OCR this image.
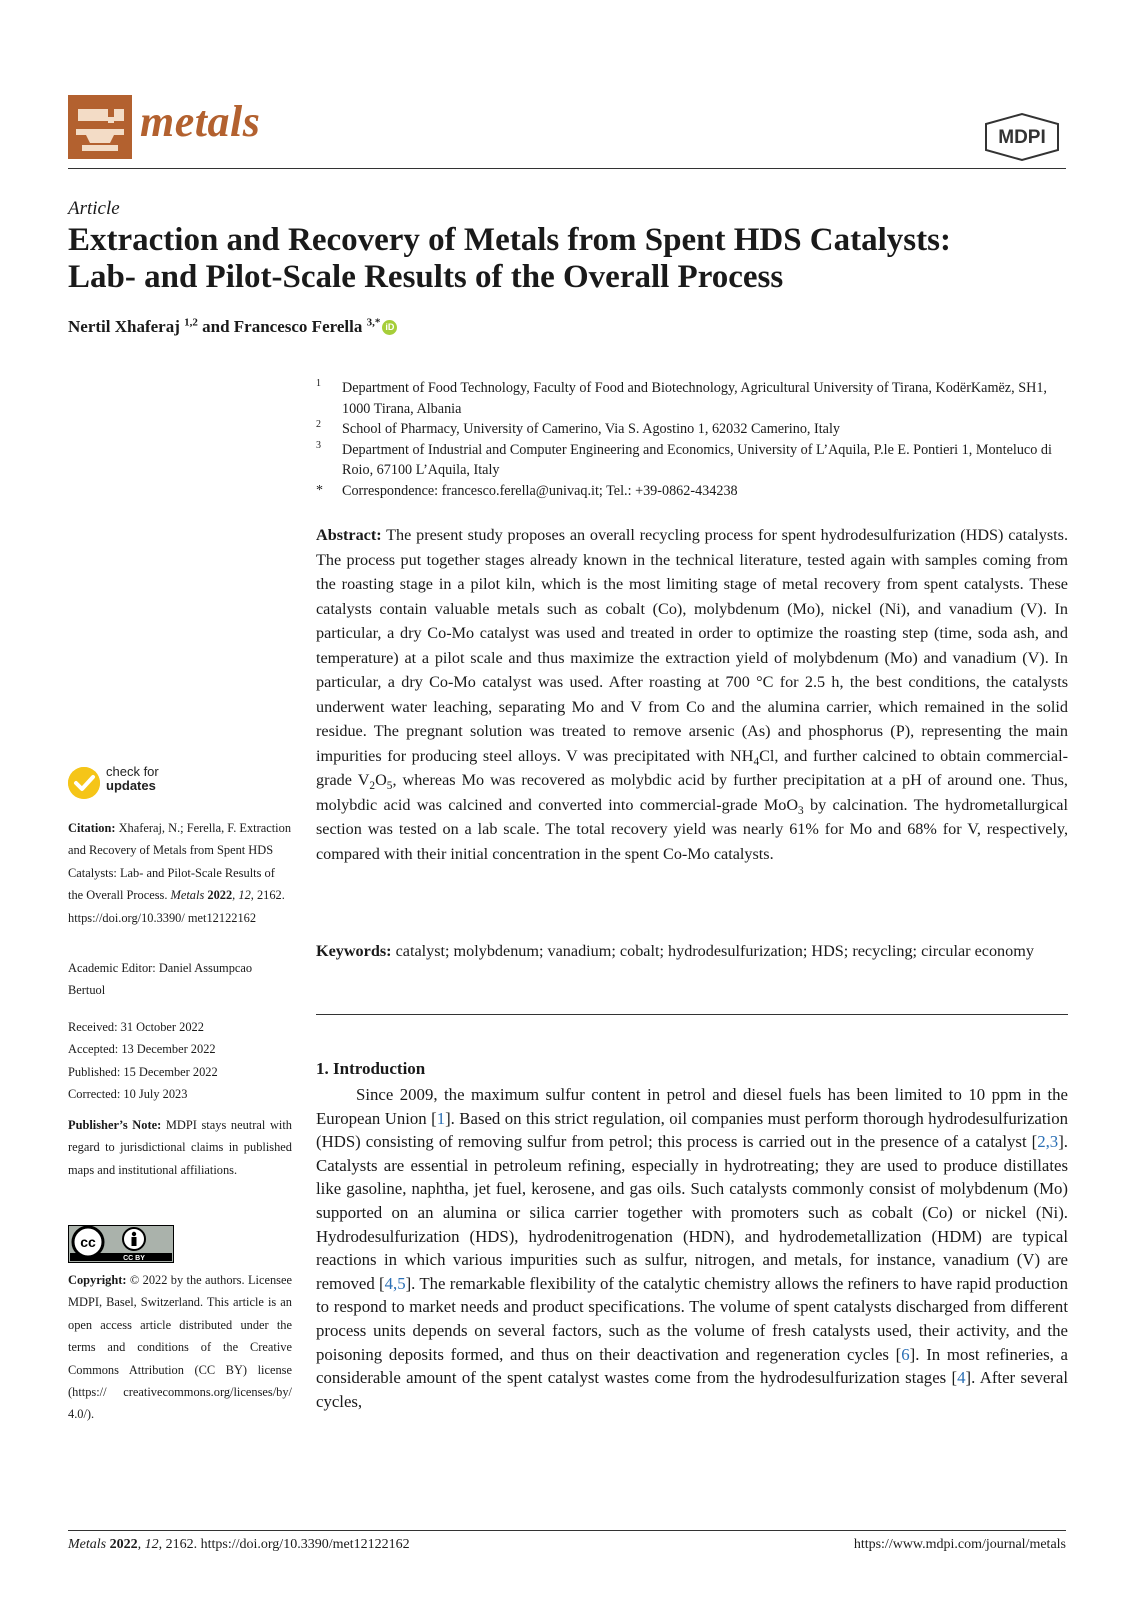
metals	MDPI
Article
Extraction and Recovery of Metals from Spent HDS Catalysts:
Lab- and Pilot-Scale Results of the Overall Process
Nertil Xhaferaj $^{1,2}$ and Francesco Ferella $^{3,*}$ iD
1 Department of Food Technology, Faculty of Food and Biotechnology, Agricultural University of Tirana, KodërKamëz, SH1, 1000 Tirana, Albania
2 School of Pharmacy, University of Camerino, Via S. Agostino 1, 62032 Camerino, Italy
3 Department of Industrial and Computer Engineering and Economics, University of L’Aquila, P.le E. Pontieri 1, Monteluco di Roio, 67100 L’Aquila, Italy
* Correspondence: francesco.ferella@univaq.it; Tel.: +39-0862-434238
Abstract: The present study proposes an overall recycling process for spent hydrodesulfurization (HDS) catalysts. The process put together stages already known in the technical literature, tested again with samples coming from the roasting stage in a pilot kiln, which is the most limiting stage of metal recovery from spent catalysts. These catalysts contain valuable metals such as cobalt (Co), molybdenum (Mo), nickel (Ni), and vanadium (V). In particular, a dry Co-Mo catalyst was used and treated in order to optimize the roasting step (time, soda ash, and temperature) at a pilot scale and thus maximize the extraction yield of molybdenum (Mo) and vanadium (V). In particular, a dry Co-Mo catalyst was used. After roasting at 700 °C for 2.5 h, the best conditions, the catalysts underwent water leaching, separating Mo and V from Co and the alumina carrier, which remained in the solid residue. The pregnant solution was treated to remove arsenic (As) and phosphorus (P), representing the main impurities for producing steel alloys. V was precipitated with $NH_4Cl$, and further calcined to obtain commercial-grade $V_2O_5$, whereas Mo was recovered as molybdic acid by further precipitation at a pH of around one. Thus, molybdic acid was calcined and converted into commercial-grade MoO$_3$ by calcination. The hydrometallurgical section was tested on a lab scale. The total recovery yield was nearly 61% for Mo and 68% for V, respectively, compared with their initial concentration in the spent Co-Mo catalysts.
Keywords: catalyst; molybdenum; vanadium; cobalt; hydrodesulfurization; HDS; recycling; circular economy
1. Introduction

Since 2009, the maximum sulfur content in petrol and diesel fuels has been limited to 10 ppm in the European Union [1]. Based on this strict regulation, oil companies must perform thorough hydrodesulfurization (HDS) consisting of removing sulfur from petrol; this process is carried out in the presence of a catalyst [2,3]. Catalysts are essential in petroleum refining, especially in hydrotreating; they are used to produce distillates like gasoline, naphtha, jet fuel, kerosene, and gas oils. Such catalysts commonly consist of molybdenum (Mo) supported on an alumina or silica carrier together with promoters such as cobalt (Co) or nickel (Ni). Hydrodesulfurization (HDS), hydrodenitrogenation (HDN), and hydrodemetallization (HDM) are typical reactions in which various impurities such as sulfur, nitrogen, and metals, for instance, vanadium (V) are removed [4,5]. The remarkable flexibility of the catalytic chemistry allows the refiners to have rapid production to respond to market needs and product specifications. The volume of spent catalysts discharged from different process units depends on several factors, such as the volume of fresh catalysts used, their activity, and the poisoning deposits formed, and thus on their deactivation and regeneration cycles [6]. In most refineries, a considerable amount of the spent catalyst wastes come from the hydrodesulfurization stages [4]. After several cycles,

check for
updates

Citation: Xhaferaj, N.; Ferella, F. Extraction and Recovery of Metals from Spent HDS Catalysts: Lab- and Pilot-Scale Results of the Overall Process. Metals 2022, 12, 2162. https://doi.org/10.3390/ met12122162

Academic Editor: Daniel Assumpcao Bertuol
Received: 31 October 2022
Accepted: 13 December 2022
Published: 15 December 2022
Corrected: 10 July 2023

Publisher’s Note: MDPI stays neutral with regard to jurisdictional claims in published maps and institutional affiliations.

cc
CC BY

Copyright: © 2022 by the authors. Licensee MDPI, Basel, Switzerland. This article is an open access article distributed under the terms and conditions of the Creative Commons Attribution (CC BY) license (https:// creativecommons.org/licenses/by/ 4.0/).

Metals 2022, 12, 2162. https://doi.org/10.3390/met12122162	https://www.mdpi.com/journal/metals
